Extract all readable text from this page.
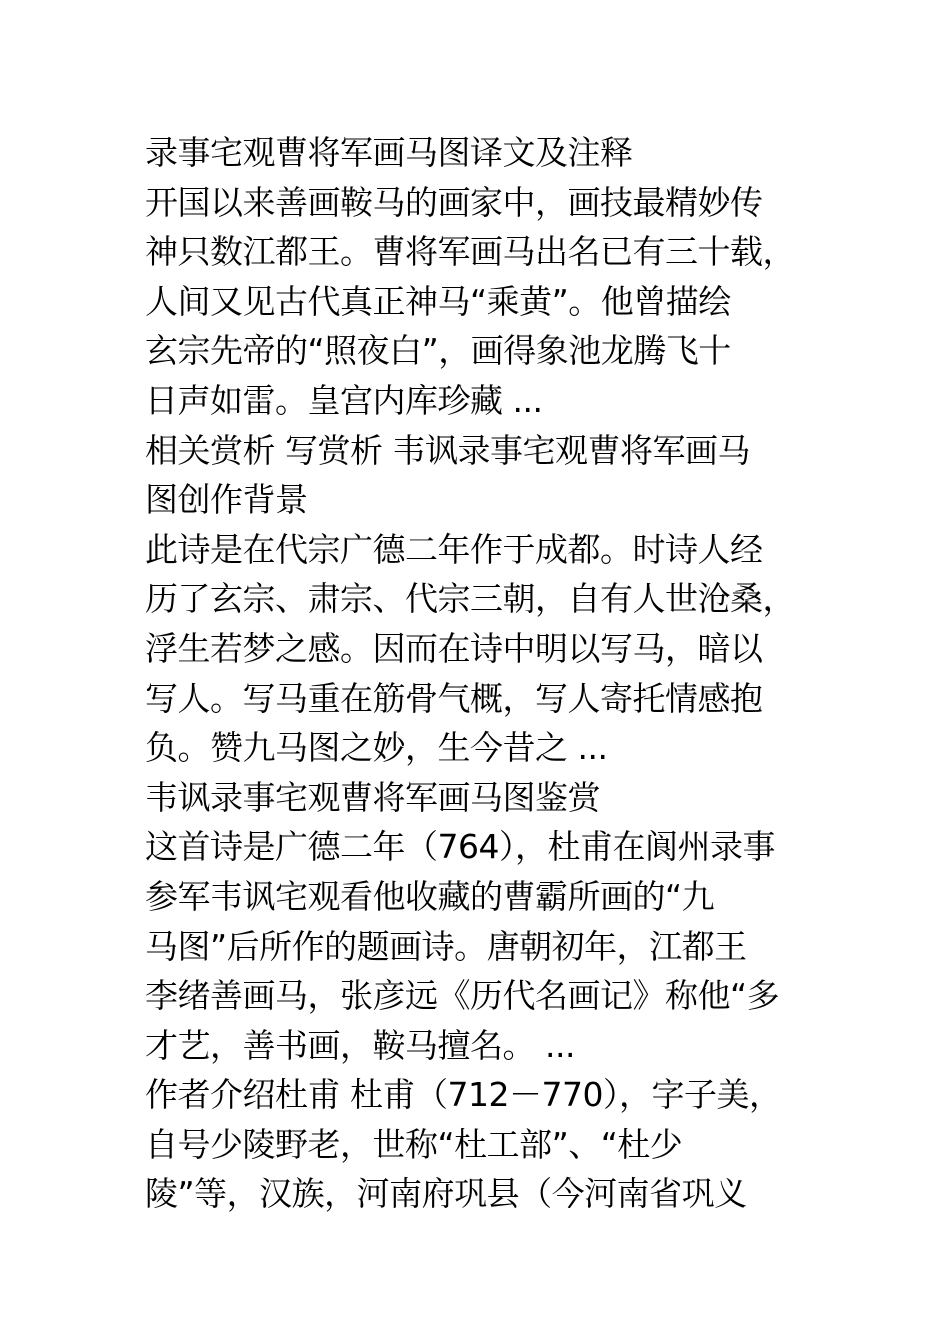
录事宅观曹将军画马图译文及注释
开国以来善画鞍马的画家中，画技最精妙传
神只数江都王。曹将军画马出名已有三十载，
人间又见古代真正神马“乘黄”。他曾描绘
玄宗先帝的“照夜白”，画得象池龙腾飞十
日声如雷。皇宫内库珍藏 ...
相关赏析 写赏析 韦讽录事宅观曹将军画马
图创作背景
此诗是在代宗广德二年作于成都。时诗人经
历了玄宗、肃宗、代宗三朝，自有人世沧桑，
浮生若梦之感。因而在诗中明以写马，暗以
写人。写马重在筋骨气概，写人寄托情感抱
负。赞九马图之妙，生今昔之 ...
韦讽录事宅观曹将军画马图鉴赏
这首诗是广德二年（764），杜甫在阆州录事
参军韦讽宅观看他收藏的曹霸所画的“九
马图”后所作的题画诗。唐朝初年，江都王
李绪善画马，张彦远《历代名画记》称他“多
才艺，善书画，鞍马擅名。 ...
作者介绍杜甫 杜甫（712－770），字子美，
自号少陵野老，世称“杜工部”、“杜少
陵”等，汉族，河南府巩县（今河南省巩义
